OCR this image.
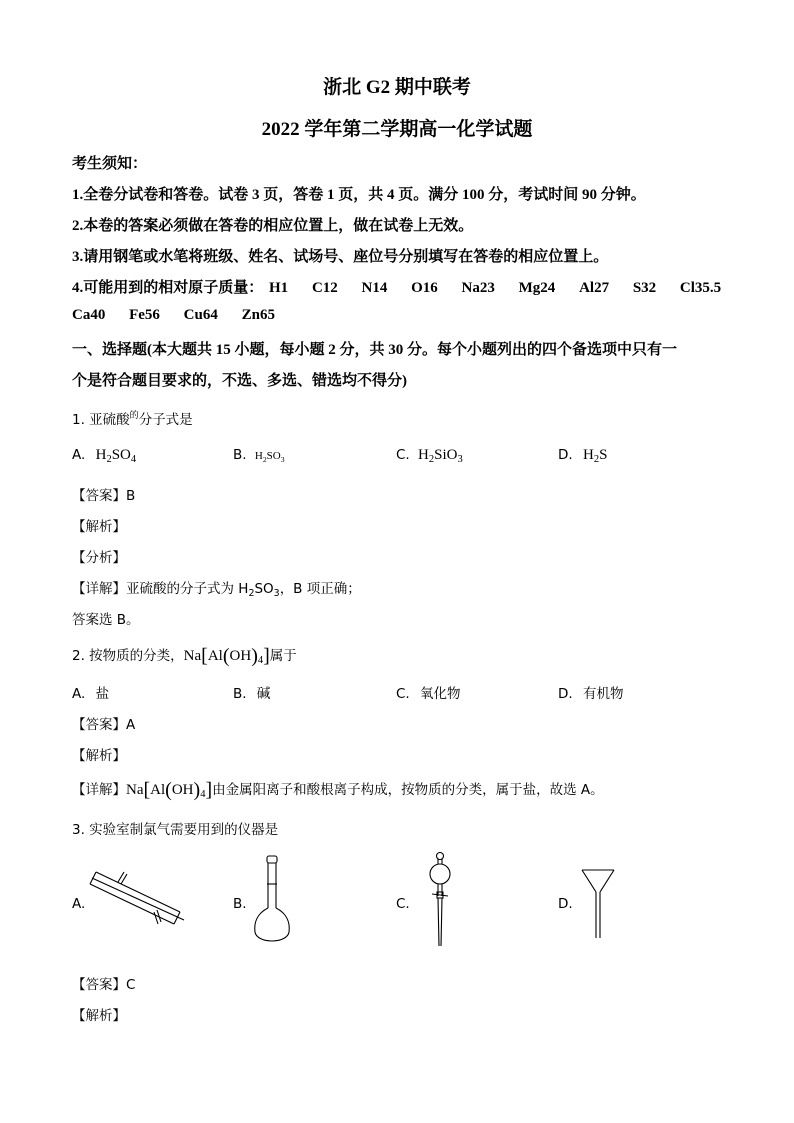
浙北 G2 期中联考
2022 学年第二学期高一化学试题
考生须知：
1.全卷分试卷和答卷。试卷 3 页，答卷 1 页，共 4 页。满分 100 分，考试时间 90 分钟。
2.本卷的答案必须做在答卷的相应位置上，做在试卷上无效。
3.请用钢笔或水笔将班级、姓名、试场号、座位号分别填写在答卷的相应位置上。
4.可能用到的相对原子质量： H1 C12 N14 O16 Na23 Mg24 Al27 S32 Cl35.5
Ca40 Fe56 Cu64 Zn65
一、选择题(本大题共 15 小题，每小题 2 分，共 30 分。每个小题列出的四个备选项中只有一
个是符合题目要求的，不选、多选、错选均不得分)
1. 亚硫酸$^的$分子式是
A. $H_2SO_4$	B. $H_2SO_3$	C. $H_2SiO_3$	D. $H_2S$
【答案】B
【解析】
【分析】
【详解】亚硫酸的分子式为 $H_2SO_3$，B 项正确；
答案选 B。
2. 按物质的分类，$Na[Al(OH)_4]$属于
A. 盐	B. 碱	C. 氧化物	D. 有机物
【答案】A
【解析】
【详解】$Na[Al(OH)_4]$由金属阳离子和酸根离子构成，按物质的分类，属于盐，故选 A。
3. 实验室制氯气需要用到的仪器是
A.	B.	C.	D.
【答案】C
【解析】
